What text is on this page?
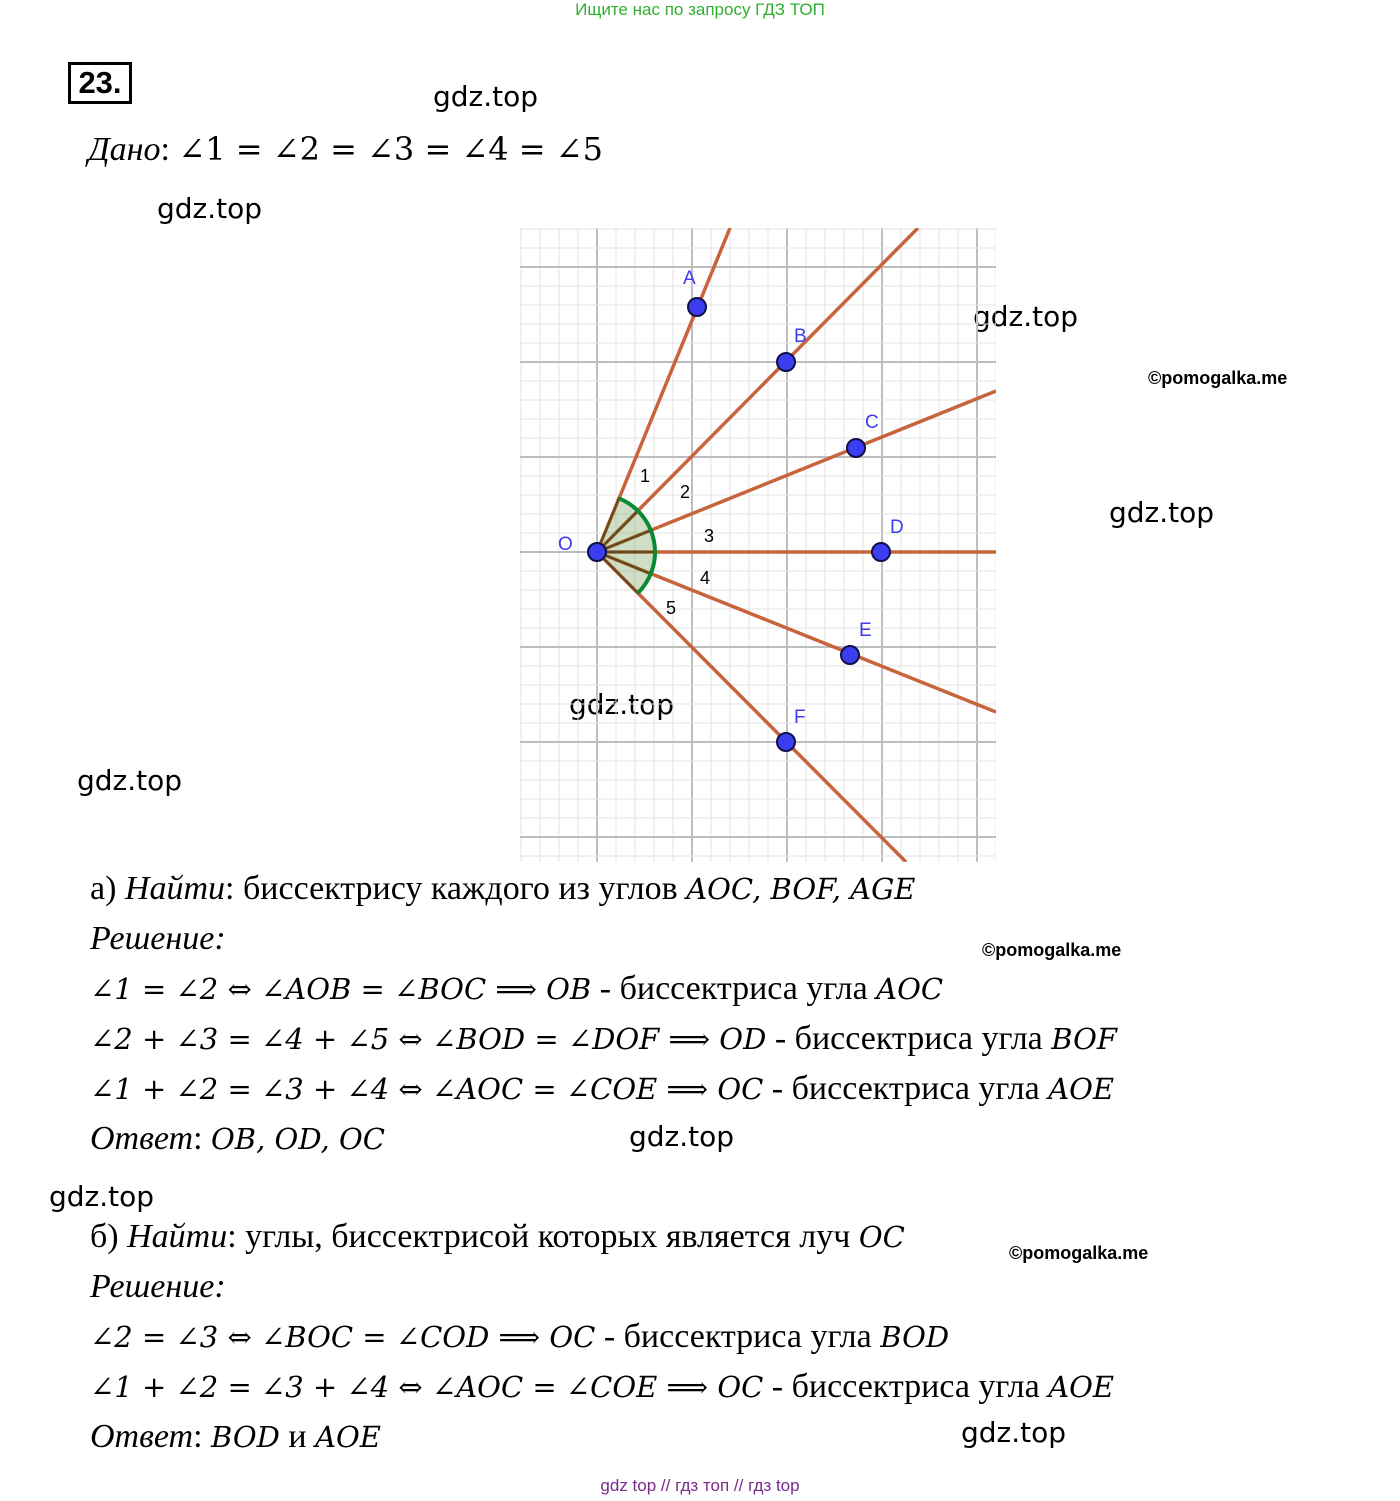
Ищите нас по запросу ГДЗ ТОП
23.	gdz.top
gdz.top
gdz.top
gdz.top
gdz.top
gdz.top
gdz.top
gdz.top
gdz.top
©pomogalka.me
©pomogalka.me
©pomogalka.me
Дано: ∠1 = ∠2 = ∠3 = ∠4 = ∠5
1
2
3
4
5
O
A
B
C
D
E
F
а) Найти: биссектрису каждого из углов AOC, BOF, AGE
Решение:
∠1 = ∠2 ⇔ ∠AOB = ∠BOC ⟹ OB - биссектриса угла AOC
∠2 + ∠3 = ∠4 + ∠5 ⇔ ∠BOD = ∠DOF ⟹ OD - биссектриса угла BOF
∠1 + ∠2 = ∠3 + ∠4 ⇔ ∠AOC = ∠COE ⟹ OC - биссектриса угла AOE
Ответ: OB, OD, OC
б) Найти: углы, биссектрисой которых является луч OC
Решение:
∠2 = ∠3 ⇔ ∠BOC = ∠COD ⟹ OC - биссектриса угла BOD
∠1 + ∠2 = ∠3 + ∠4 ⇔ ∠AOC = ∠COE ⟹ OC - биссектриса угла AOE
Ответ: BOD и AOE
gdz top // гдз топ // гдз top
